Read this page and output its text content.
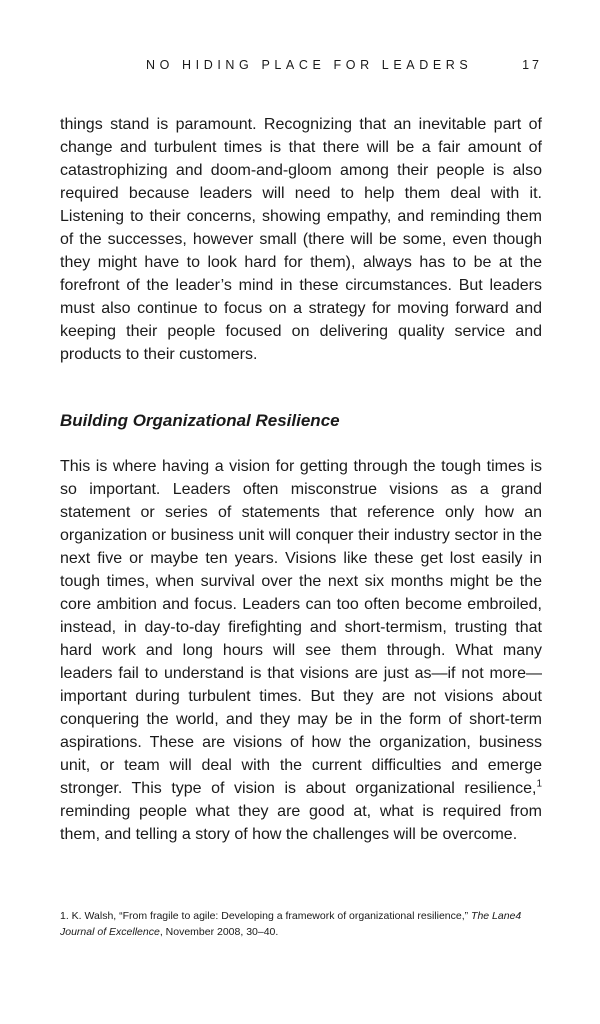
NO HIDING PLACE FOR LEADERS	17

things stand is paramount. Recognizing that an inevitable part of change and turbulent times is that there will be a fair amount of catastrophizing and doom-and-gloom among their people is also required because leaders will need to help them deal with it. Listening to their concerns, showing empathy, and reminding them of the successes, however small (there will be some, even though they might have to look hard for them), always has to be at the forefront of the leader’s mind in these circumstances. But leaders must also continue to focus on a strategy for moving forward and keeping their people focused on delivering quality service and products to their customers.

Building Organizational Resilience

This is where having a vision for getting through the tough times is so important. Leaders often misconstrue visions as a grand statement or series of statements that reference only how an organization or business unit will conquer their industry sector in the next five or maybe ten years. Visions like these get lost easily in tough times, when survival over the next six months might be the core ambition and focus. Leaders can too often become embroiled, instead, in day-to-day firefighting and short-termism, trusting that hard work and long hours will see them through. What many leaders fail to understand is that visions are just as—if not more—important during turbulent times. But they are not visions about conquering the world, and they may be in the form of short-term aspirations. These are visions of how the organization, business unit, or team will deal with the current difficulties and emerge stronger. This type of vision is about organizational resilience,$^1$ reminding people what they are good at, what is required from them, and telling a story of how the challenges will be overcome.

1. K. Walsh, “From fragile to agile: Developing a framework of organizational resilience,” The Lane4 Journal of Excellence, November 2008, 30–40.
